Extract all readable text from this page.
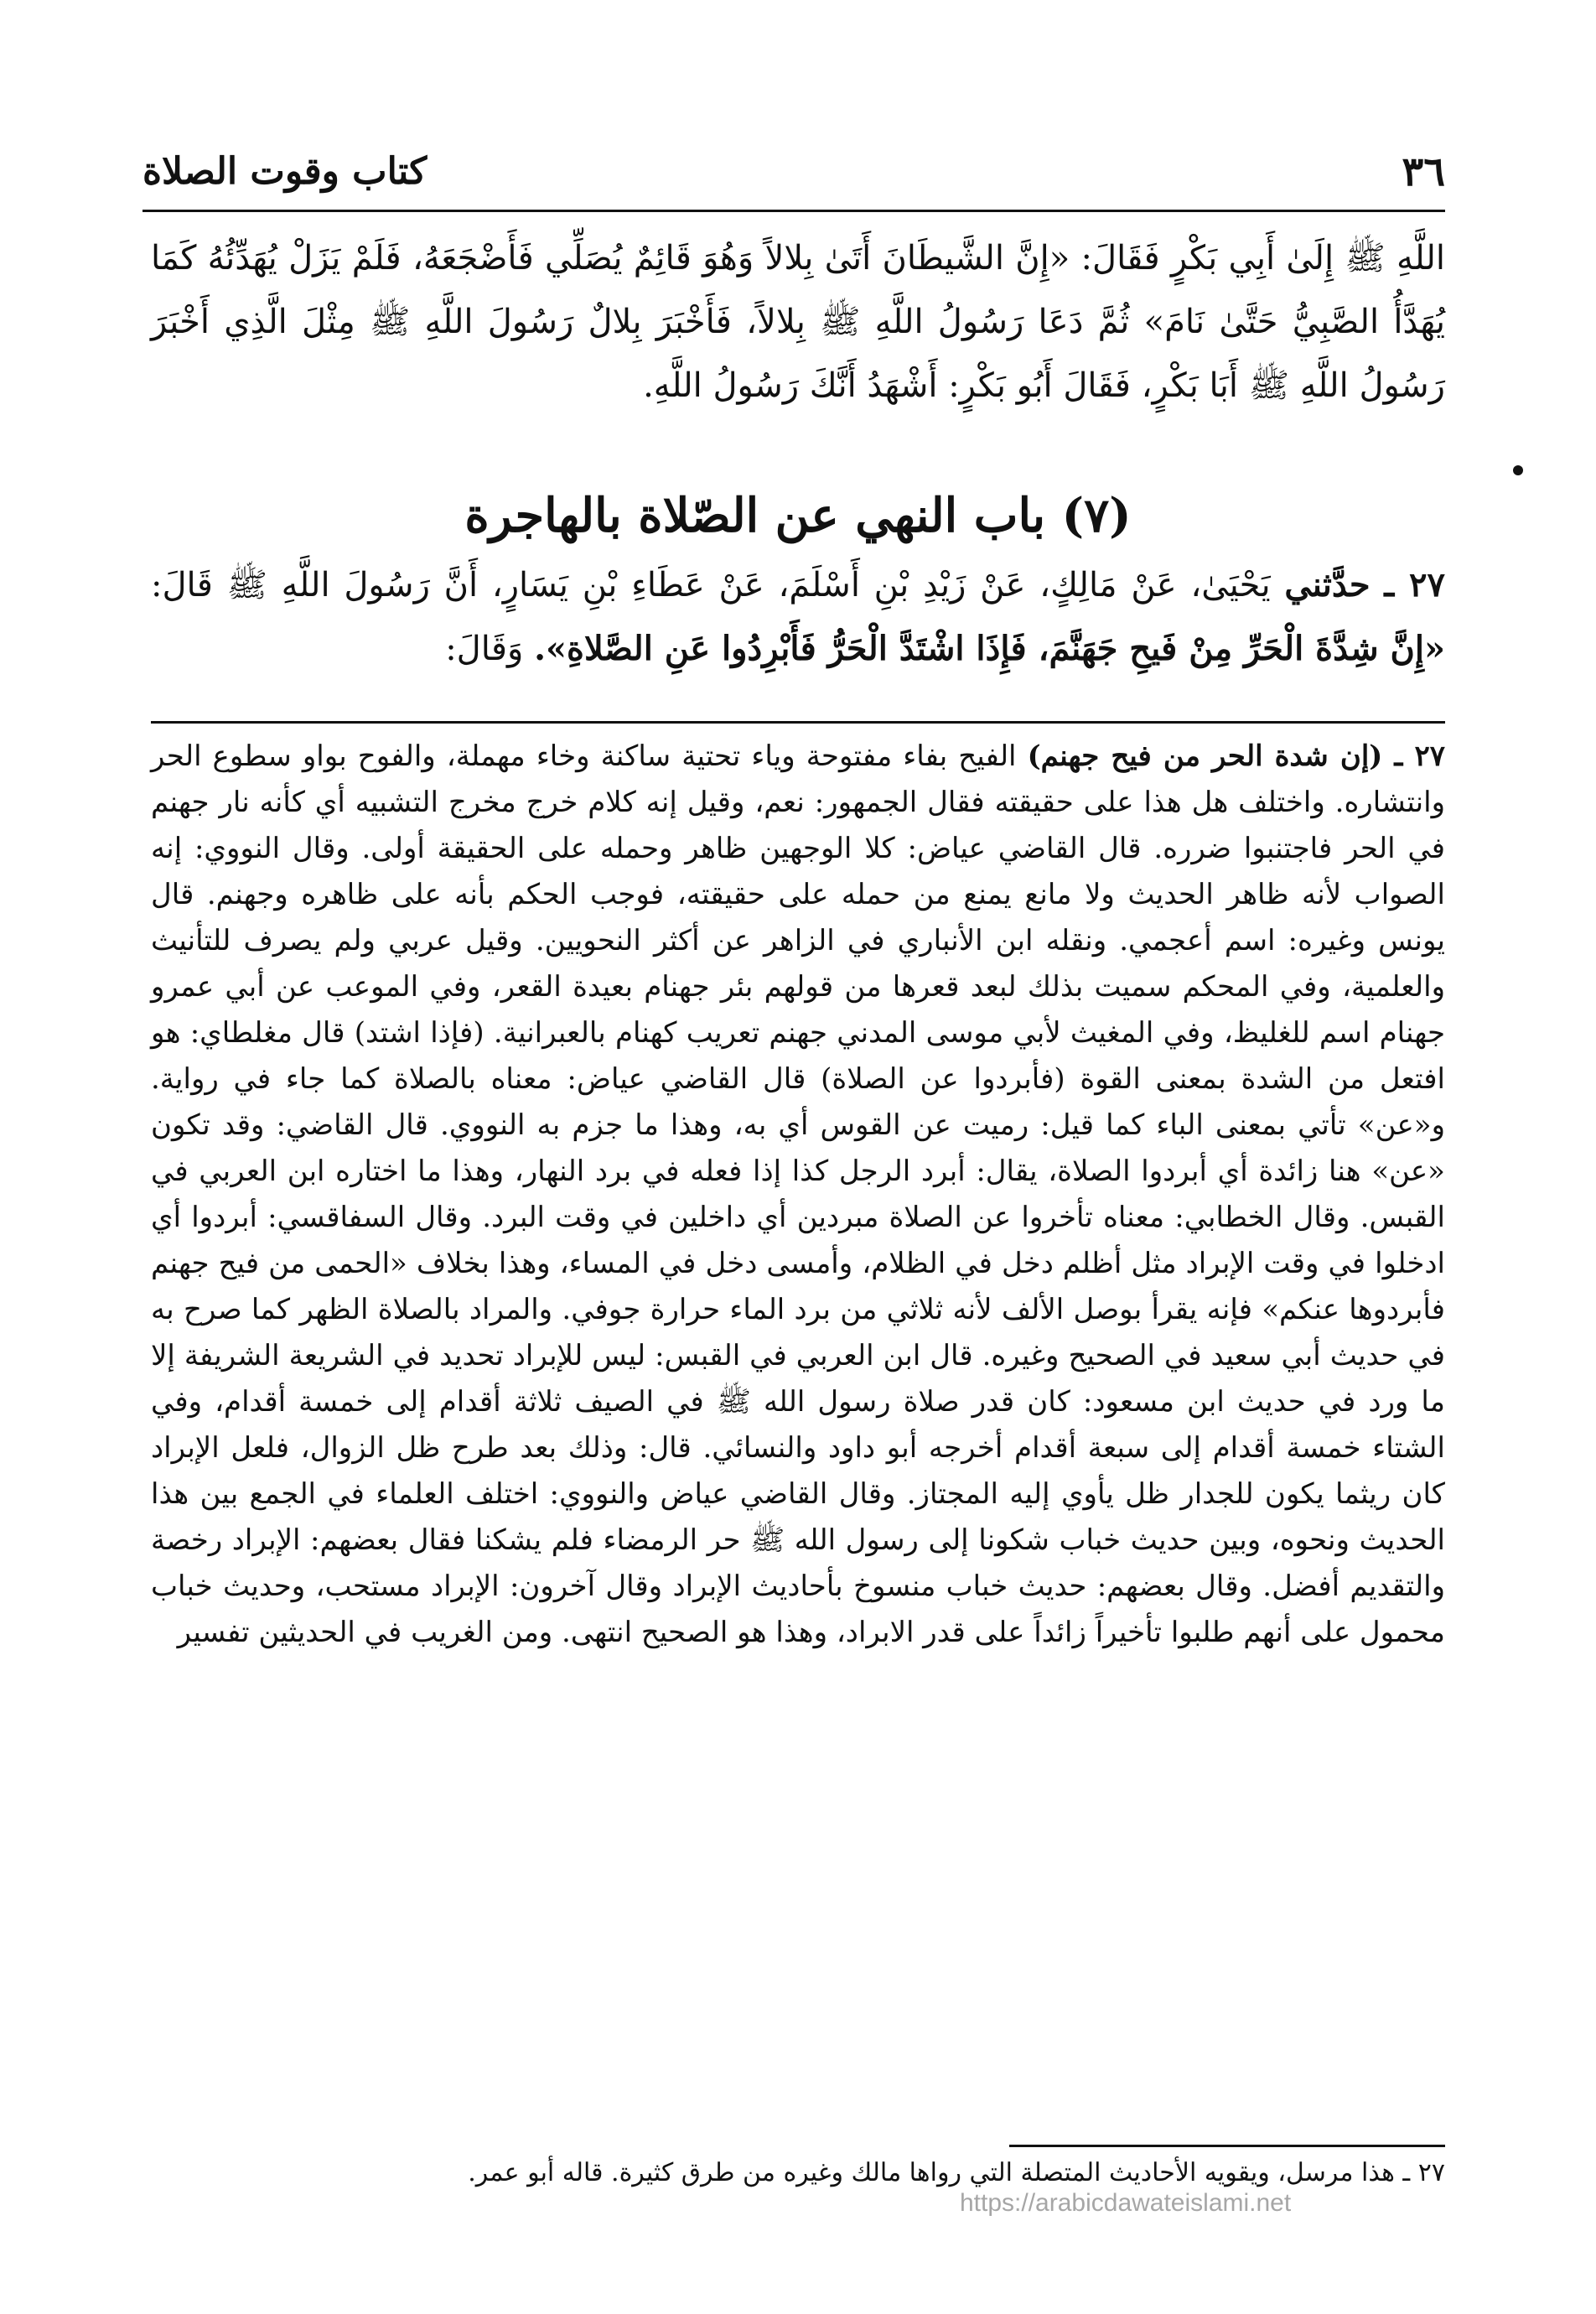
٣٦
كتاب وقوت الصلاة

اللَّهِ ﷺ إِلَىٰ أَبِي بَكْرٍ فَقَالَ: «إِنَّ الشَّيطَانَ أَتَىٰ بِلالاً وَهُوَ قَائِمٌ يُصَلِّي فَأَضْجَعَهُ، فَلَمْ يَزَلْ يُهَدِّئُهُ كَمَا يُهَدَّأُ الصَّبِيُّ حَتَّىٰ نَامَ» ثُمَّ دَعَا رَسُولُ اللَّهِ ﷺ بِلالاً، فَأَخْبَرَ بِلالٌ رَسُولَ اللَّهِ ﷺ مِثْلَ الَّذِي أَخْبَرَ رَسُولُ اللَّهِ ﷺ أَبَا بَكْرٍ، فَقَالَ أَبُو بَكْرٍ: أَشْهَدُ أَنَّكَ رَسُولُ اللَّهِ.

(٧) باب النهي عن الصّلاة بالهاجرة

٢٧ ـ حدَّثني يَحْيَىٰ، عَنْ مَالِكٍ، عَنْ زَيْدِ بْنِ أَسْلَمَ، عَنْ عَطَاءِ بْنِ يَسَارٍ، أَنَّ رَسُولَ اللَّهِ ﷺ قَالَ: «إِنَّ شِدَّةَ الْحَرِّ مِنْ فَيحِ جَهَنَّمَ، فَإِذَا اشْتَدَّ الْحَرُّ فَأَبْرِدُوا عَنِ الصَّلاةِ». وَقَالَ:

٢٧ ـ (إن شدة الحر من فيح جهنم) الفيح بفاء مفتوحة وياء تحتية ساكنة وخاء مهملة، والفوح بواو سطوع الحر وانتشاره. واختلف هل هذا على حقيقته فقال الجمهور: نعم، وقيل إنه كلام خرج مخرج التشبيه أي كأنه نار جهنم في الحر فاجتنبوا ضرره. قال القاضي عياض: كلا الوجهين ظاهر وحمله على الحقيقة أولى. وقال النووي: إنه الصواب لأنه ظاهر الحديث ولا مانع يمنع من حمله على حقيقته، فوجب الحكم بأنه على ظاهره وجهنم. قال يونس وغيره: اسم أعجمي. ونقله ابن الأنباري في الزاهر عن أكثر النحويين. وقيل عربي ولم يصرف للتأنيث والعلمية، وفي المحكم سميت بذلك لبعد قعرها من قولهم بئر جهنام بعيدة القعر، وفي الموعب عن أبي عمرو جهنام اسم للغليظ، وفي المغيث لأبي موسى المدني جهنم تعريب كهنام بالعبرانية. (فإذا اشتد) قال مغلطاي: هو افتعل من الشدة بمعنى القوة (فأبردوا عن الصلاة) قال القاضي عياض: معناه بالصلاة كما جاء في رواية. و«عن» تأتي بمعنى الباء كما قيل: رميت عن القوس أي به، وهذا ما جزم به النووي. قال القاضي: وقد تكون «عن» هنا زائدة أي أبردوا الصلاة، يقال: أبرد الرجل كذا إذا فعله في برد النهار، وهذا ما اختاره ابن العربي في القبس. وقال الخطابي: معناه تأخروا عن الصلاة مبردين أي داخلين في وقت البرد. وقال السفاقسي: أبردوا أي ادخلوا في وقت الإبراد مثل أظلم دخل في الظلام، وأمسى دخل في المساء، وهذا بخلاف «الحمى من فيح جهنم فأبردوها عنكم» فإنه يقرأ بوصل الألف لأنه ثلاثي من برد الماء حرارة جوفي. والمراد بالصلاة الظهر كما صرح به في حديث أبي سعيد في الصحيح وغيره. قال ابن العربي في القبس: ليس للإبراد تحديد في الشريعة الشريفة إلا ما ورد في حديث ابن مسعود: كان قدر صلاة رسول الله ﷺ في الصيف ثلاثة أقدام إلى خمسة أقدام، وفي الشتاء خمسة أقدام إلى سبعة أقدام أخرجه أبو داود والنسائي. قال: وذلك بعد طرح ظل الزوال، فلعل الإبراد كان ريثما يكون للجدار ظل يأوي إليه المجتاز. وقال القاضي عياض والنووي: اختلف العلماء في الجمع بين هذا الحديث ونحوه، وبين حديث خباب شكونا إلى رسول الله ﷺ حر الرمضاء فلم يشكنا فقال بعضهم: الإبراد رخصة والتقديم أفضل. وقال بعضهم: حديث خباب منسوخ بأحاديث الإبراد وقال آخرون: الإبراد مستحب، وحديث خباب محمول على أنهم طلبوا تأخيراً زائداً على قدر الابراد، وهذا هو الصحيح انتهى. ومن الغريب في الحديثين تفسير

٢٧ ـ هذا مرسل، ويقويه الأحاديث المتصلة التي رواها مالك وغيره من طرق كثيرة. قاله أبو عمر.
https://arabicdawateislami.net
